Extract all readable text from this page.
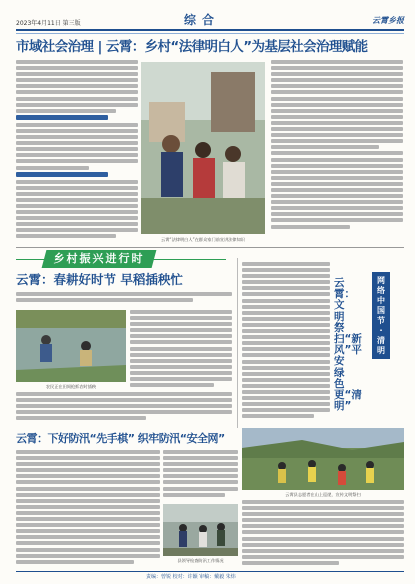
2023年4月11日 第三版	综合	云霄乡报
市域社会治理 | 云霄：乡村“法律明白人”为基层社会治理赋能
云霄“法律明白人”在群众家门前宣讲法律知识
乡村振兴进行时
云霄：春耕好时节 早稻插秧忙
农民正在田间抢抓农时插秧
云霄：文明祭扫“新风”平安绿色更“清明”
网络中国节·清明
云霄县志愿者在山上巡逻，宣传文明祭扫
云霄：下好防汛“先手棋” 织牢防汛“安全网”
县领导检查防汛工作情况
责编：曾锐 校对：许颖 审稿：戴毅 朱炜
